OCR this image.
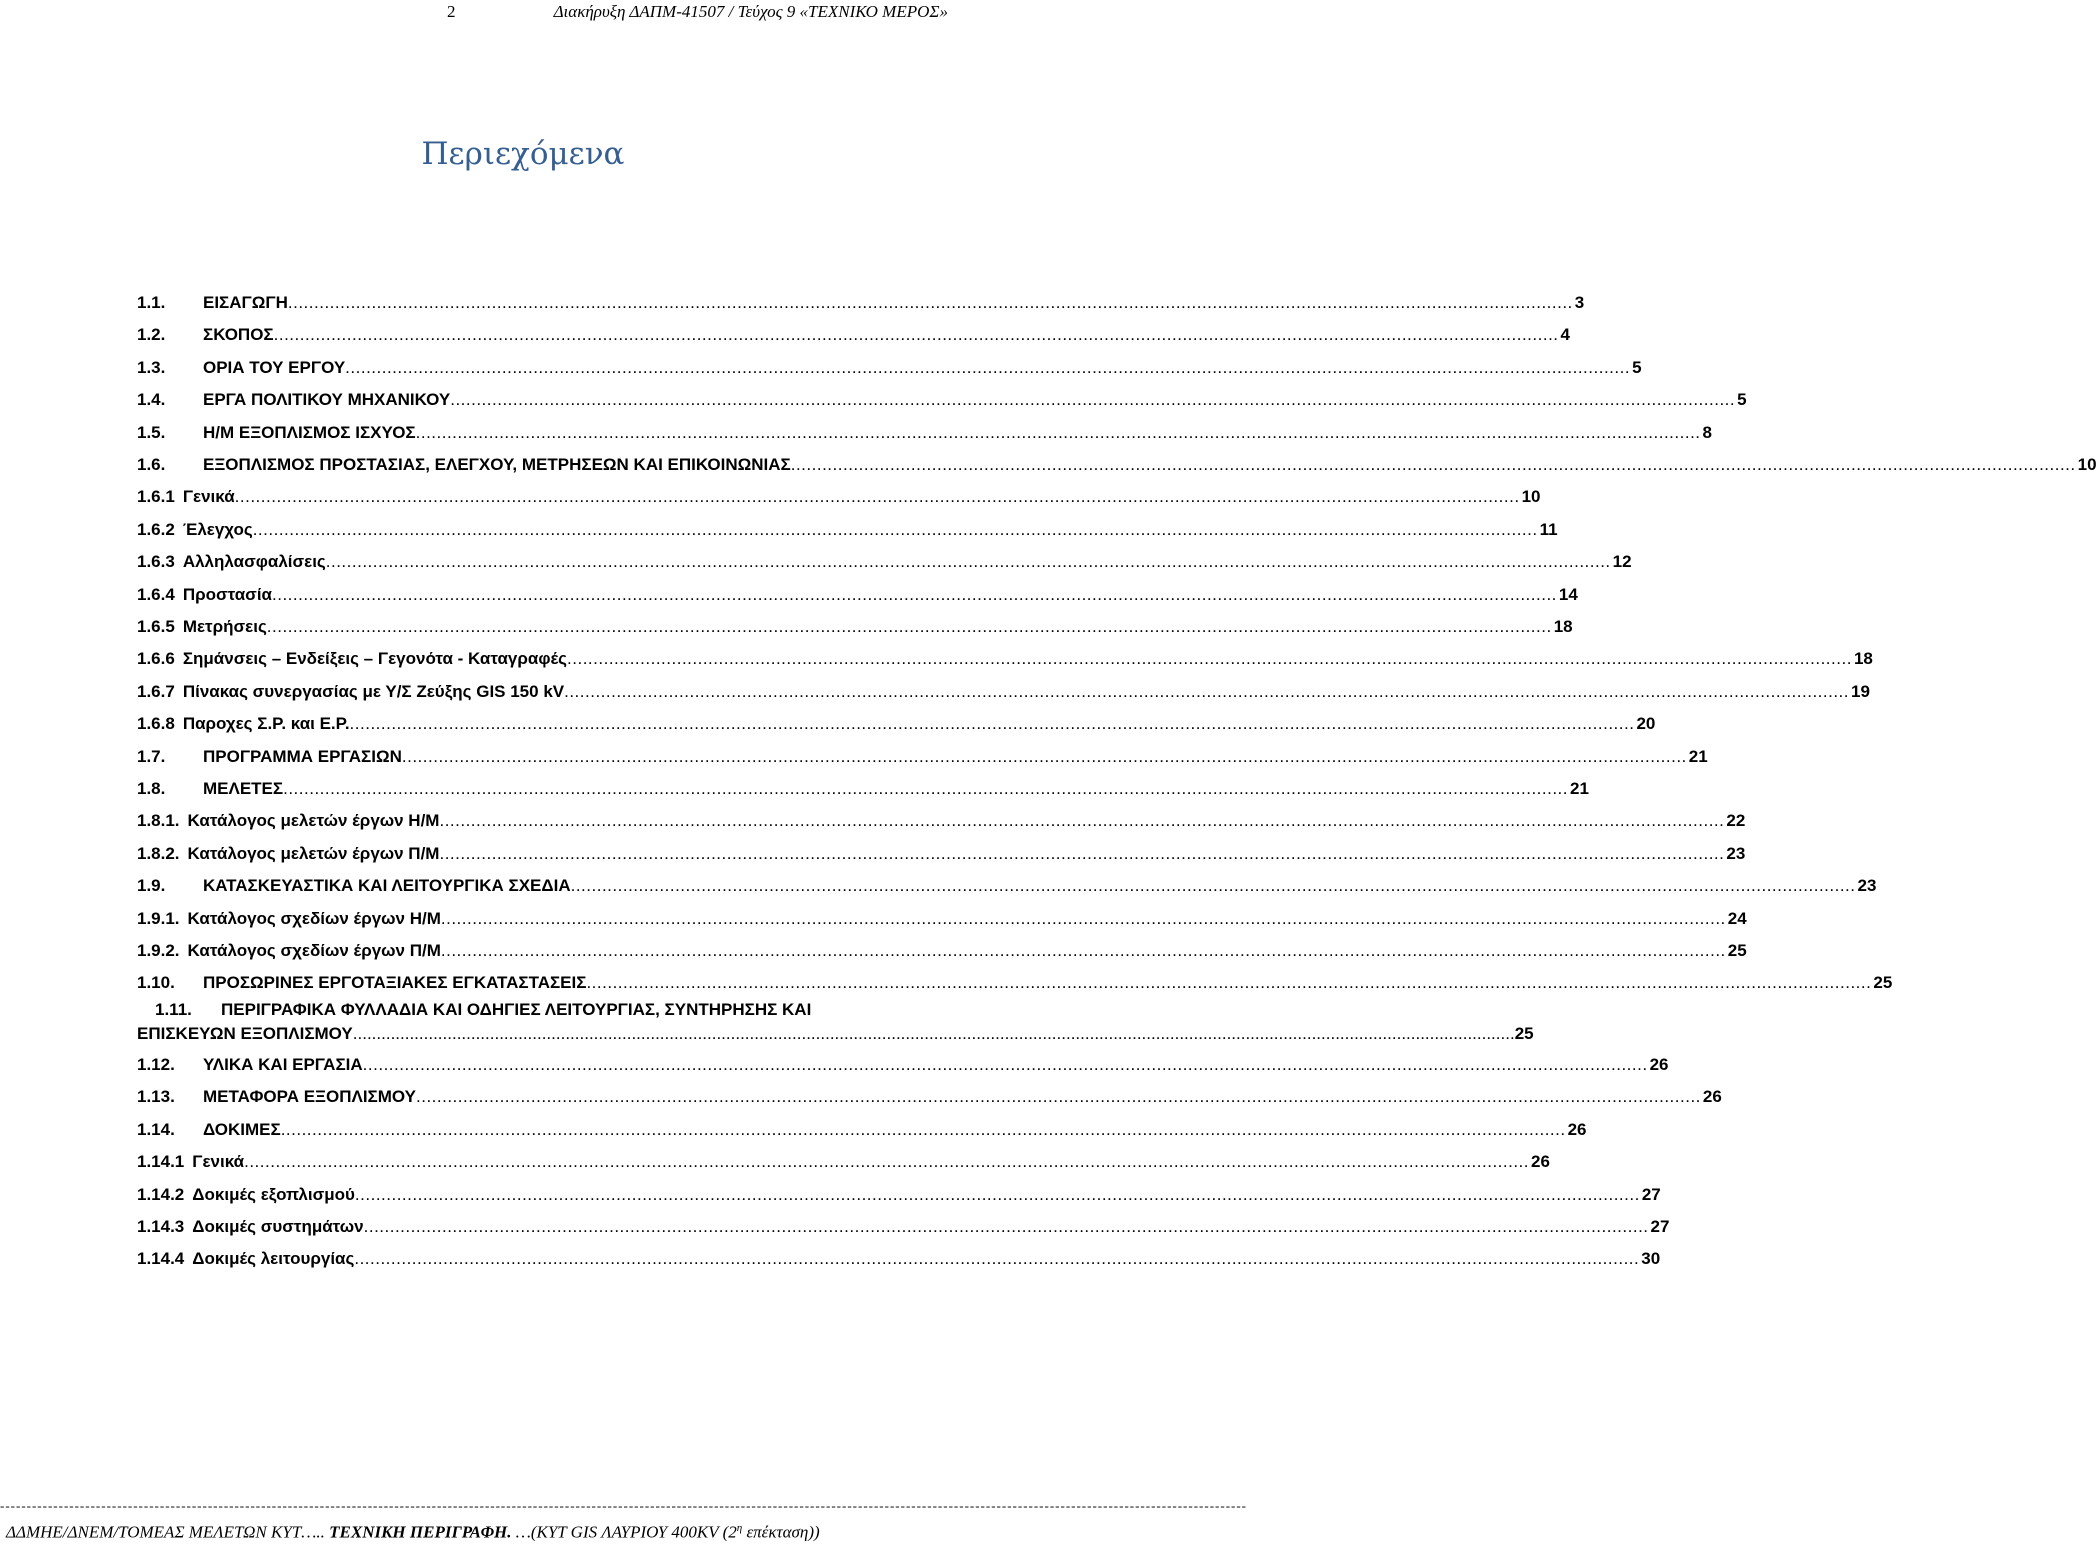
2	Διακήρυξη ΔΑΠΜ-41507 / Τεύχος 9 «ΤΕΧΝΙΚΟ ΜΕΡΟΣ»
Περιεχόμενα
1.1.	ΕΙΣΑΓΩΓΗ .....	3
1.2.	ΣΚΟΠΟΣ .....	4
1.3.	ΟΡΙΑ ΤΟΥ ΕΡΓΟΥ .....	5
1.4.	ΕΡΓΑ ΠΟΛΙΤΙΚΟΥ ΜΗΧΑΝΙΚΟΥ .....	5
1.5.	Η/Μ ΕΞΟΠΛΙΣΜΟΣ ΙΣΧΥΟΣ .....	8
1.6.	ΕΞΟΠΛΙΣΜΟΣ ΠΡΟΣΤΑΣΙΑΣ, ΕΛΕΓΧΟΥ, ΜΕΤΡΗΣΕΩΝ ΚΑΙ ΕΠΙΚΟΙΝΩΝΙΑΣ .....	10
1.6.1 Γενικά .....	10
1.6.2 Έλεγχος .....	11
1.6.3 Αλληλασφαλίσεις .....	12
1.6.4 Προστασία .....	14
1.6.5 Μετρήσεις .....	18
1.6.6 Σημάνσεις – Ενδείξεις – Γεγονότα - Καταγραφές .....	18
1.6.7 Πίνακας συνεργασίας με Υ/Σ Ζεύξης GIS 150 kV .....	19
1.6.8 Παροχες Σ.Ρ. και Ε.Ρ. .....	20
1.7.	ΠΡΟΓΡΑΜΜΑ ΕΡΓΑΣΙΩΝ .....	21
1.8.	ΜΕΛΕΤΕΣ .....	21
1.8.1. Κατάλογος μελετών έργων Η/Μ .....	22
1.8.2. Κατάλογος μελετών έργων Π/Μ .....	23
1.9.	ΚΑΤΑΣΚΕΥΑΣΤΙΚΑ ΚΑΙ ΛΕΙΤΟΥΡΓΙΚΑ ΣΧΕΔΙΑ .....	23
1.9.1. Κατάλογος σχεδίων έργων Η/Μ .....	24
1.9.2. Κατάλογος σχεδίων έργων Π/Μ .....	25
1.10.	ΠΡΟΣΩΡΙΝΕΣ ΕΡΓΟΤΑΞΙΑΚΕΣ ΕΓΚΑΤΑΣΤΑΣΕΙΣ .....	25
1.11. ΠΕΡΙΓΡΑΦΙΚΑ ΦΥΛΛΑΔΙΑ ΚΑΙ ΟΔΗΓΙΕΣ ΛΕΙΤΟΥΡΓΙΑΣ, ΣΥΝΤΗΡΗΣΗΣ ΚΑΙ
ΕΠΙΣΚΕΥΩΝ ΕΞΟΠΛΙΣΜΟΥ .....	25
1.12.	ΥΛΙΚΑ ΚΑΙ ΕΡΓΑΣΙΑ .....	26
1.13.	ΜΕΤΑΦΟΡΑ ΕΞΟΠΛΙΣΜΟΥ .....	26
1.14.	ΔΟΚΙΜΕΣ .....	26
1.14.1 Γενικά .....	26
1.14.2 Δοκιμές εξοπλισμού .....	27
1.14.3 Δοκιμές συστημάτων .....	27
1.14.4 Δοκιμές λειτουργίας .....	30
------------------------------------------------------------------------------------------------------------------------------------------------------------------------------------------------------------------------------------------
ΔΔΜΗΕ/ΔΝΕΜ/ΤΟΜΕΑΣ ΜΕΛΕΤΩΝ ΚΥΤ….. ΤΕΧΝΙΚΗ ΠΕΡΙΓΡΑΦΗ. …(ΚΥΤ GIS ΛΑΥΡΙΟΥ 400KV ($2^\eta$ επέκταση))
